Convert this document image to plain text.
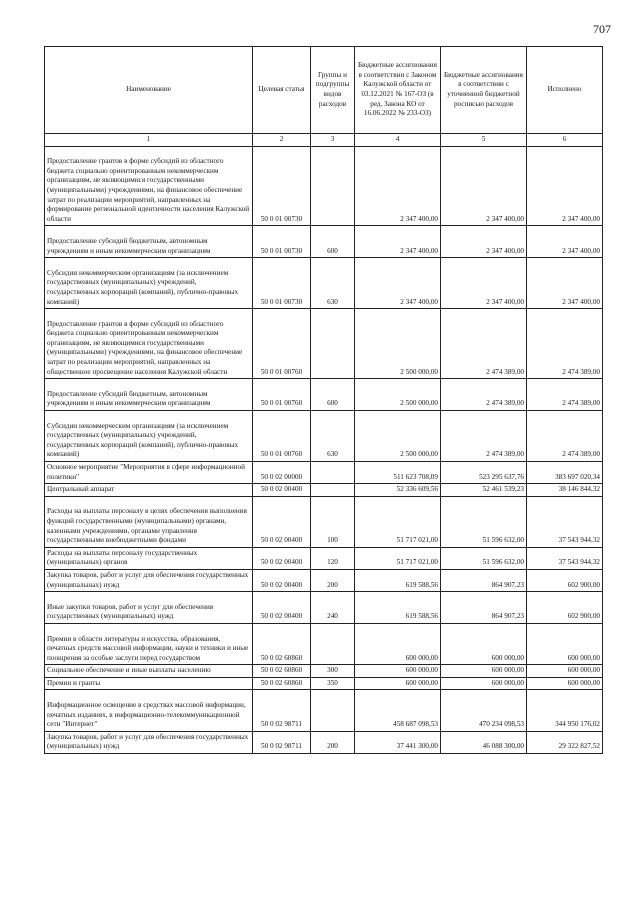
707
Наименование	Целевая статья	Группы и подгруппы видов расходов	Бюджетные ассигнования в соответствии с Законом Калужской области от 03.12.2021 № 167-ОЗ (в ред. Закона КО от 16.06.2022 № 233-ОЗ)	Бюджетные ассигнования в соответствии с уточненной бюджетной росписью расходов	Исполнено
1	2	3	4	5	6

Предоставление грантов в форме субсидий из областного бюджета социально ориентированным некоммерческим организациям, не являющимися государственными (муниципальными) учреждениями, на финансовое обеспечение затрат по реализации мероприятий, направленных на формирование региональной идентичности населения Калужской области	50 0 01 00730		2 347 400,00	2 347 400,00	2 347 400,00

Предоставление субсидий бюджетным, автономным учреждениям и иным некоммерческим организациям	50 0 01 00730	600	2 347 400,00	2 347 400,00	2 347 400,00

Субсидии некоммерческим организациям (за исключением государственных (муниципальных) учреждений, государственных корпораций (компаний), публично-правовых компаний)	50 0 01 00730	630	2 347 400,00	2 347 400,00	2 347 400,00

Предоставление грантов в форме субсидий из областного бюджета социально ориентированным некоммерческим организациям, не являющимися государственными (муниципальными) учреждениями, на финансовое обеспечение затрат по реализации мероприятий, направленных на общественное просвещение населения Калужской области	50 0 01 00760		2 500 000,00	2 474 389,00	2 474 389,00

Предоставление субсидий бюджетным, автономным учреждениям и иным некоммерческим организациям	50 0 01 00760	600	2 500 000,00	2 474 389,00	2 474 389,00

Субсидии некоммерческим организациям (за исключением государственных (муниципальных) учреждений, государственных корпораций (компаний), публично-правовых компаний)	50 0 01 00760	630	2 500 000,00	2 474 389,00	2 474 389,00
Основное мероприятие "Мероприятия в сфере информационной политики"	50 0 02 00000		511 623 708,09	523 295 637,76	383 697 020,34
Центральный аппарат	50 0 02 00400		52 336 609,56	52 461 539,23	38 146 844,32

Расходы на выплаты персоналу в целях обеспечения выполнения функций государственными (муниципальными) органами, казенными учреждениями, органами управления государственными внебюджетными фондами	50 0 02 00400	100	51 717 021,00	51 596 632,00	37 543 944,32
Расходы на выплаты персоналу государственных (муниципальных) органов	50 0 02 00400	120	51 717 021,00	51 596 632,00	37 543 944,32
Закупка товаров, работ и услуг для обеспечения государственных (муниципальных) нужд	50 0 02 00400	200	619 588,56	864 907,23	602 900,00

Иные закупки товаров, работ и услуг для обеспечения государственных (муниципальных) нужд	50 0 02 00400	240	619 588,56	864 907,23	602 900,00

Премии в области литературы и искусства, образования, печатных средств массовой информации, науки и техники и иные поощрения за особые заслуги перед государством	50 0 02 60860		600 000,00	600 000,00	600 000,00
Социальное обеспечение и иные выплаты населению	50 0 02 60860	300	600 000,00	600 000,00	600 000,00
Премии и гранты	50 0 02 60860	350	600 000,00	600 000,00	600 000,00

Информационное освещение в средствах массовой информации, печатных изданиях, в информационно-телекоммуникационной сети "Интернет"	50 0 02 98711		458 687 098,53	470 234 098,53	344 950 176,02
Закупка товаров, работ и услуг для обеспечения государственных (муниципальных) нужд	50 0 02 98711	200	37 441 300,00	46 088 300,00	29 322 827,52
